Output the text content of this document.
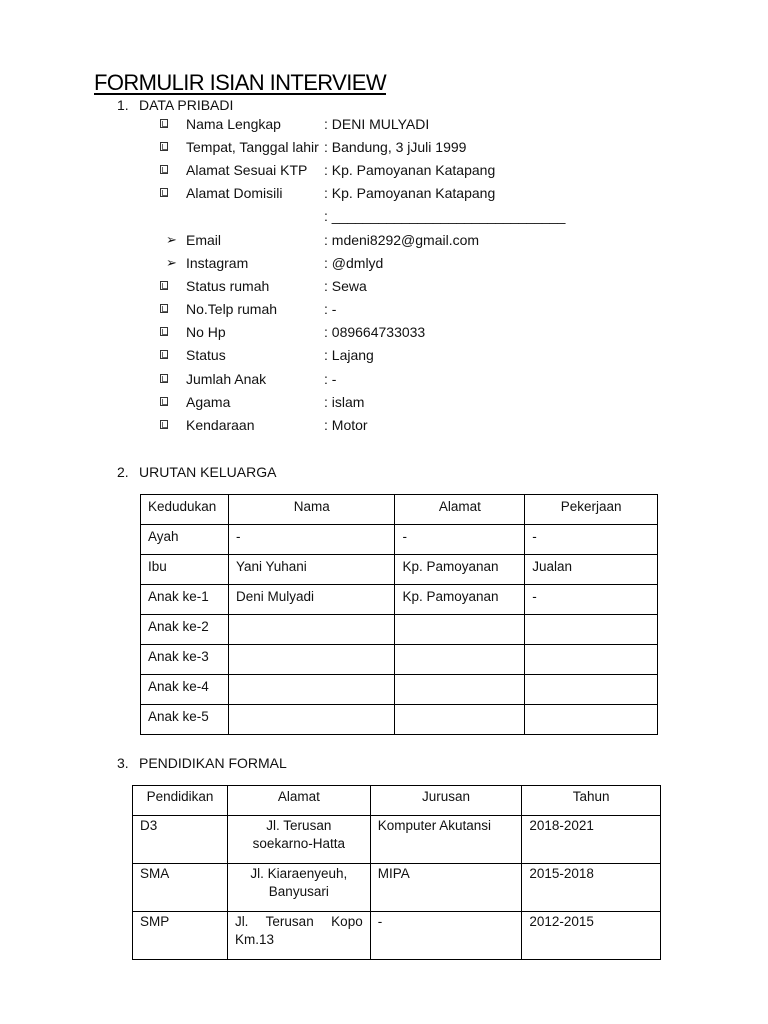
FORMULIR ISIAN INTERVIEW
1. DATA PRIBADI
Nama Lengkap	: DENI MULYADI
Tempat, Tanggal lahir : Bandung, 3 jJuli 1999
Alamat Sesuai KTP : Kp. Pamoyanan Katapang
Alamat Domisili	: Kp. Pamoyanan Katapang
: ______________________________
➢ Email	: mdeni8292@gmail.com
➢ Instagram	: @dmlyd
Status rumah	: Sewa
No.Telp rumah	: -
No Hp	: 089664733033
Status	: Lajang
Jumlah Anak	: -
Agama	: islam
Kendaraan	: Motor
2. URUTAN KELUARGA
Kedudukan	Nama	Alamat	Pekerjaan
Ayah	-	-	-
Ibu	Yani Yuhani	Kp. Pamoyanan	Jualan
Anak ke-1	Deni Mulyadi	Kp. Pamoyanan	-
Anak ke-2			
Anak ke-3			
Anak ke-4			
Anak ke-5			
3. PENDIDIKAN FORMAL
Pendidikan	Alamat	Jurusan	Tahun
D3	Jl. Terusan soekarno-Hatta	Komputer Akutansi	2018-2021
SMA	Jl. Kiaraenyeuh, Banyusari	MIPA	2015-2018
SMP	Jl. Terusan Kopo Km.13	-	2012-2015
